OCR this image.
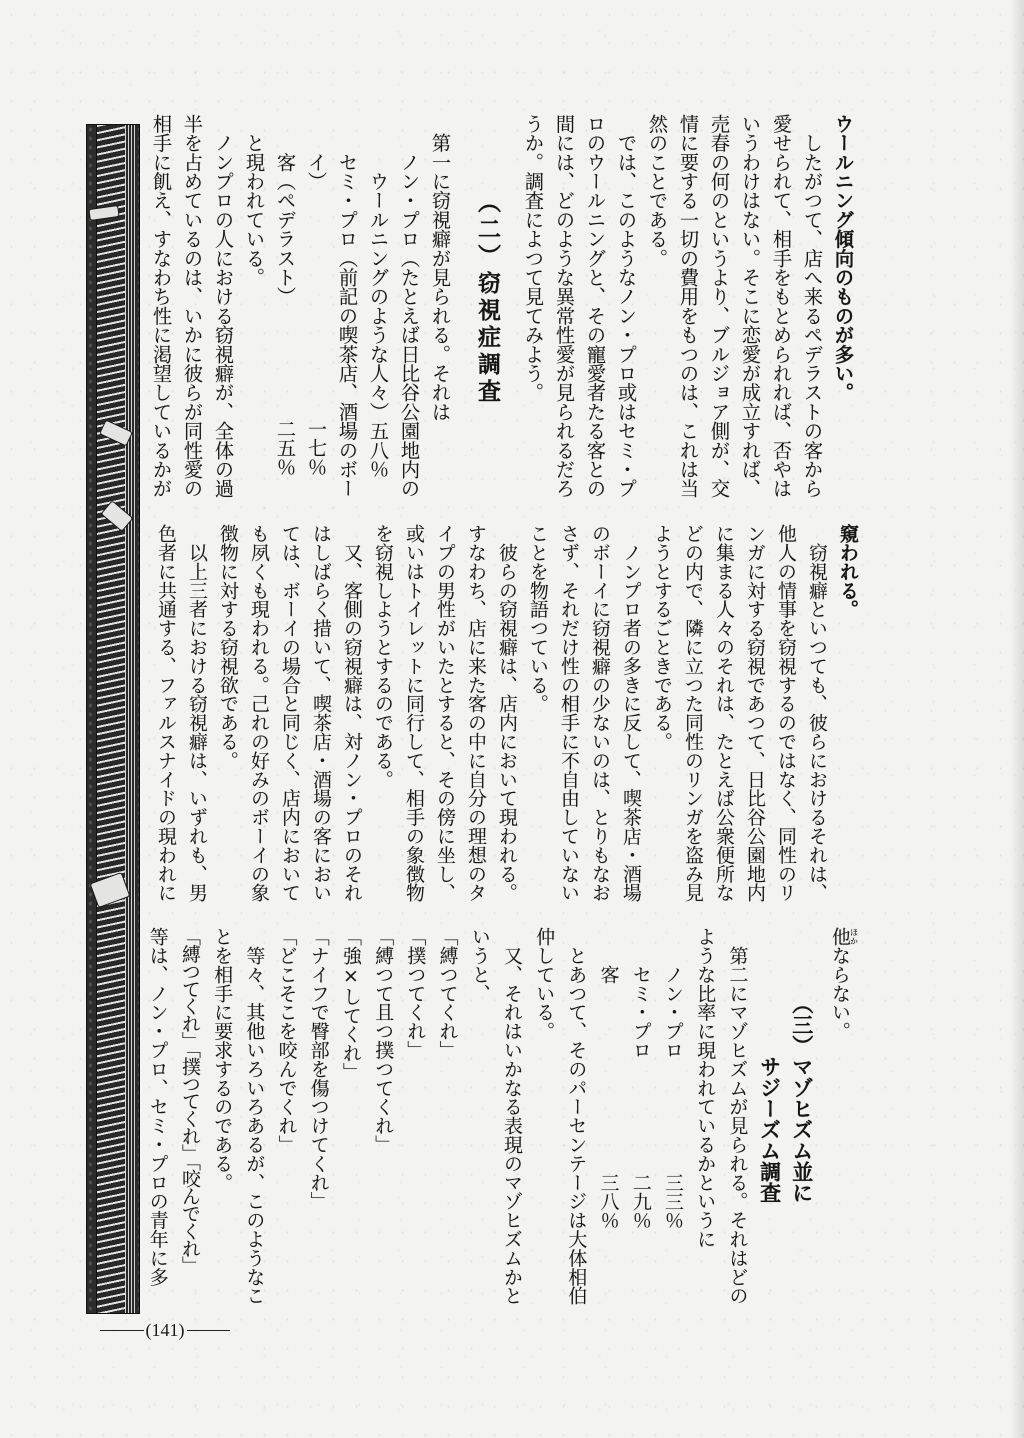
ウールニング傾向のものが多い。
　したがつて、店へ来るペデラストの客から
愛せられて、相手をもとめられれば、否やは
いうわけはない。そこに恋愛が成立すれば、
売春の何のというより、ブルジョア側が、交
情に要する一切の費用をもつのは、これは当
然のことである。
　では、このようなノン・プロ或はセミ・プ
ロのウールニングと、その寵愛者たる客との
間には、どのような異常性愛が見られるだろ
うか。調査によつて見てみよう。
（二）窃視症調査
　第一に窃視癖が見られる。それは
　　ノン・プロ（たとえば日比谷公園地内の
　　　ウールニングのような人々）五八％
　　セミ・プロ（前記の喫茶店、酒場のボー
　　イ）
一七％
　　客（ペデラスト）
二五％
　と現われている。
　ノンプロの人における窃視癖が、全体の過
半を占めているのは、いかに彼らが同性愛の
相手に飢え、すなわち性に渇望しているかが
窺われる。
　窃視癖といつても、彼らにおけるそれは、
他人の情事を窃視するのではなく、同性のリ
ンガに対する窃視であつて、日比谷公園地内
に集まる人々のそれは、たとえば公衆便所な
どの内で、隣に立つた同性のリンガを盗み見
ようとするごときである。
　ノンプロ者の多きに反して、喫茶店・酒場
のボーイに窃視癖の少ないのは、とりもなお
さず、それだけ性の相手に不自由していない
ことを物語つている。
　彼らの窃視癖は、店内において現われる。
すなわち、店に来た客の中に自分の理想のタ
イプの男性がいたとすると、その傍に坐し、
或いはトイレットに同行して、相手の象徴物
を窃視しようとするのである。
　又、客側の窃視癖は、対ノン・プロのそれ
はしばらく措いて、喫茶店・酒場の客におい
ては、ボーイの場合と同じく、店内において
も夙くも現われる。己れの好みのボーイの象
徴物に対する窃視欲である。
　以上三者における窃視癖は、いずれも、男
色者に共通する、ファルスナイドの現われに
他ほかならない。
（三）マゾヒズム並に
サジーズム調査
　第二にマゾヒズムが見られる。それはどの
ような比率に現われているかというに
　　ノン・プロ
三三％
　　セミ・プロ
二九％
　　客
三八％
　とあつて、そのパーセンテージは大体相伯
仲している。
　又、それはいかなる表現のマゾヒズムかと
いうと、
「縛つてくれ」
「撲つてくれ」
「縛つて且つ撲つてくれ」
「強×してくれ」
「ナイフで臀部を傷つけてくれ」
「どこそこを咬んでくれ」
　等々、其他いろいろあるが、このようなこ
とを相手に要求するのである。
「縛つてくれ」「撲つてくれ」「咬んでくれ」
等は、ノン・プロ、セミ・プロの青年に多
(141)
